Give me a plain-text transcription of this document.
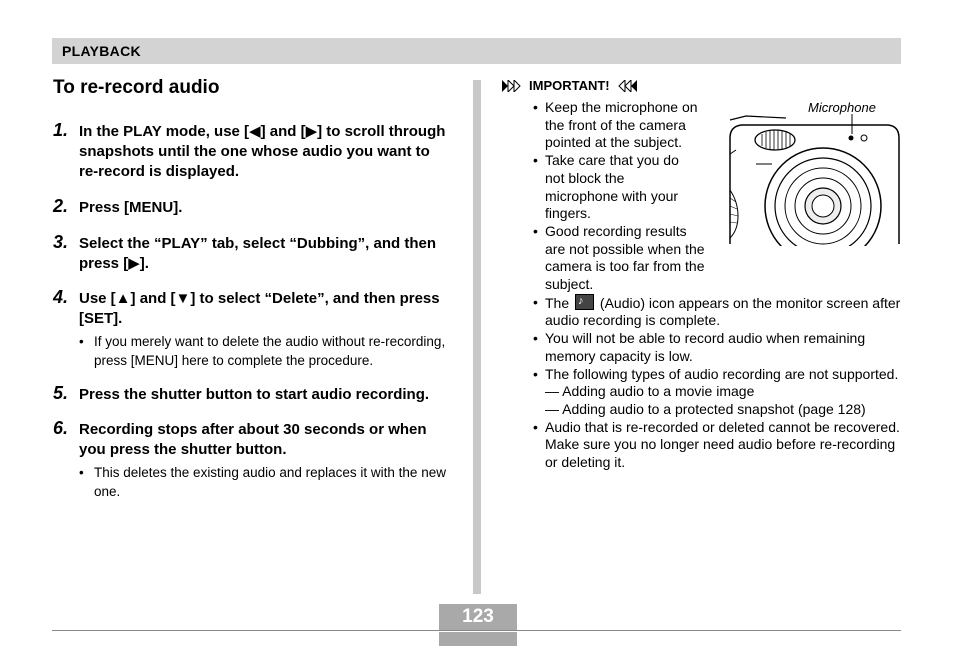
PLAYBACK
To re-record audio
1. In the PLAY mode, use [◀] and [▶] to scroll through snapshots until the one whose audio you want to re-record is displayed.
2. Press [MENU].
3. Select the “PLAY” tab, select “Dubbing”, and then press [▶].
4. Use [▲] and [▼] to select “Delete”, and then press [SET].
• If you merely want to delete the audio without re-recording, press [MENU] here to complete the procedure.
5. Press the shutter button to start audio recording.
6. Recording stops after about 30 seconds or when you press the shutter button.
• This deletes the existing audio and replaces it with the new one.
IMPORTANT!
• Keep the microphone on the front of the camera pointed at the subject.
• Take care that you do not block the microphone with your fingers.
• Good recording results are not possible when the camera is too far from the subject.
• The ♪ (Audio) icon appears on the monitor screen after audio recording is complete.
• You will not be able to record audio when remaining memory capacity is low.
• The following types of audio recording are not supported.
— Adding audio to a movie image
— Adding audio to a protected snapshot (page 128)
• Audio that is re-recorded or deleted cannot be recovered. Make sure you no longer need audio before re-recording or deleting it.
Microphone
123
